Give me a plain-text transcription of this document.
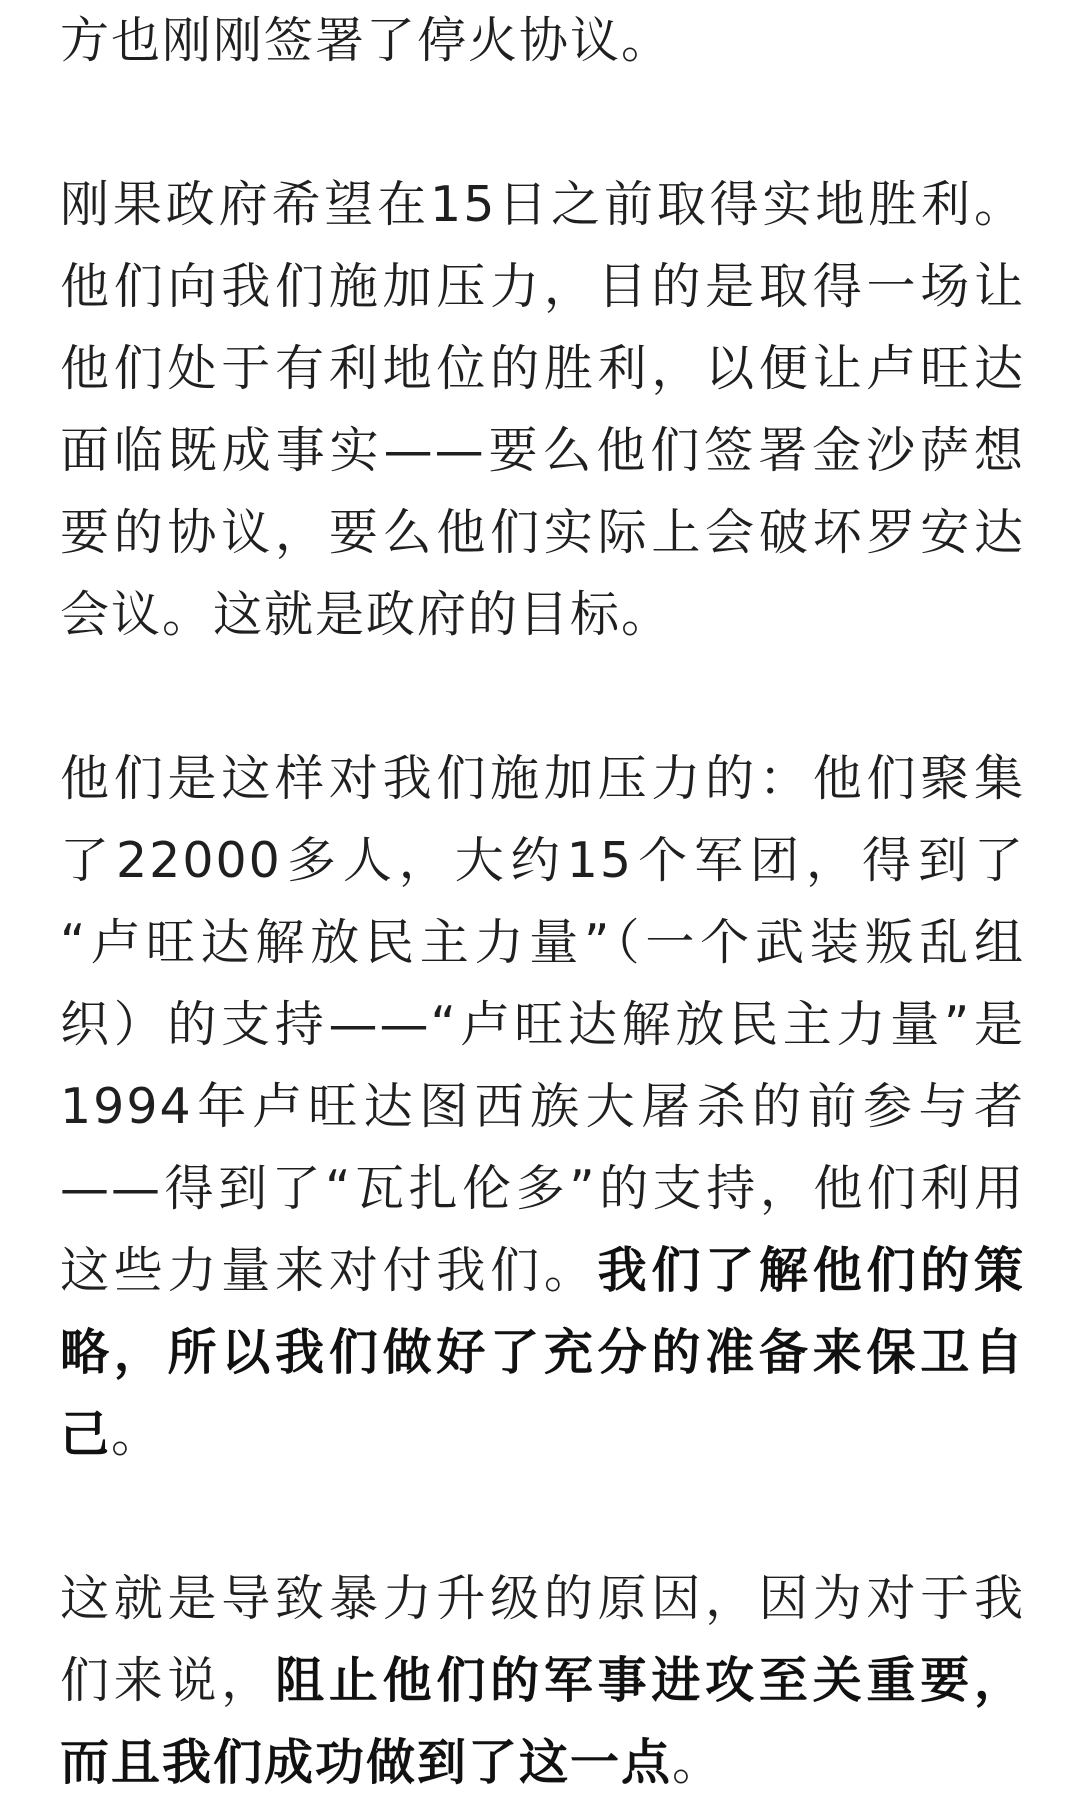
方也刚刚签署了停火协议。

刚果政府希望在15日之前取得实地胜利。
他们向我们施加压力，目的是取得一场让
他们处于有利地位的胜利，以便让卢旺达
面临既成事实——要么他们签署金沙萨想
要的协议，要么他们实际上会破坏罗安达
会议。这就是政府的目标。

他们是这样对我们施加压力的：他们聚集
了22000多人，大约15个军团，得到了
“卢旺达解放民主力量”（一个武装叛乱组
织）的支持——“卢旺达解放民主力量”是
1994年卢旺达图西族大屠杀的前参与者
——得到了“瓦扎伦多”的支持，他们利用
这些力量来对付我们。我们了解他们的策
略，所以我们做好了充分的准备来保卫自
己。

这就是导致暴力升级的原因，因为对于我
们来说，阻止他们的军事进攻至关重要，
而且我们成功做到了这一点。
